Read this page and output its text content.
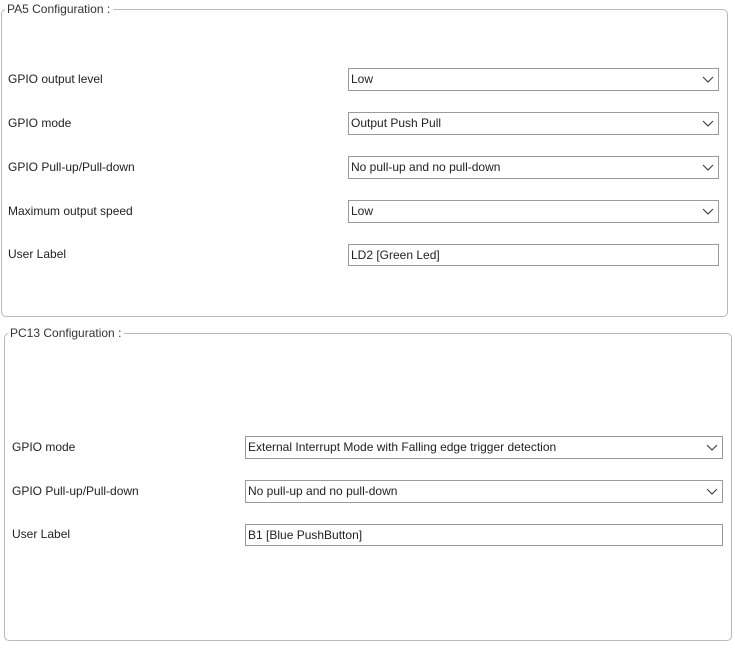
PA5 Configuration :
GPIO output level	Low
GPIO mode	Output Push Pull
GPIO Pull-up/Pull-down	No pull-up and no pull-down
Maximum output speed	Low
User Label	LD2 [Green Led]
PC13 Configuration :
GPIO mode	External Interrupt Mode with Falling edge trigger detection
GPIO Pull-up/Pull-down	No pull-up and no pull-down
User Label	B1 [Blue PushButton]
